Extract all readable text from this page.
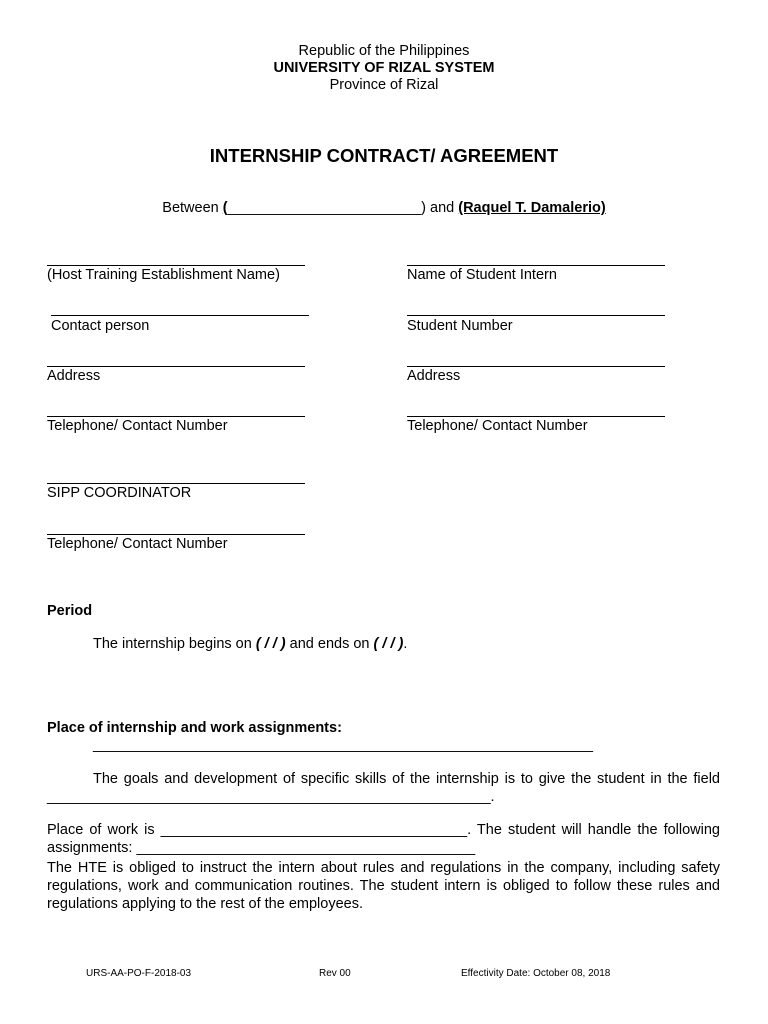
Republic of the Philippines
UNIVERSITY OF RIZAL SYSTEM
Province of Rizal
INTERNSHIP CONTRACT/ AGREEMENT
Between (________________________) and (Raquel T. Damalerio)
(Host Training Establishment Name)
Contact person
Address
Telephone/ Contact Number
Name of Student Intern
Student Number
Address
Telephone/ Contact Number
SIPP COORDINATOR
Telephone/ Contact Number
Period
The internship begins on ( / / ) and ends on ( / / ).
Place of internship and work assignments:
______________________________________________________________
The goals and development of specific skills of the internship is to give the student in the field _______________________________________________________.
Place of work is ______________________________________. The student will handle the following assignments: __________________________________________
The HTE is obliged to instruct the intern about rules and regulations in the company, including safety regulations, work and communication routines. The student intern is obliged to follow these rules and regulations applying to the rest of the employees.
URS-AA-PO-F-2018-03	Rev 00	Effectivity Date: October 08, 2018
